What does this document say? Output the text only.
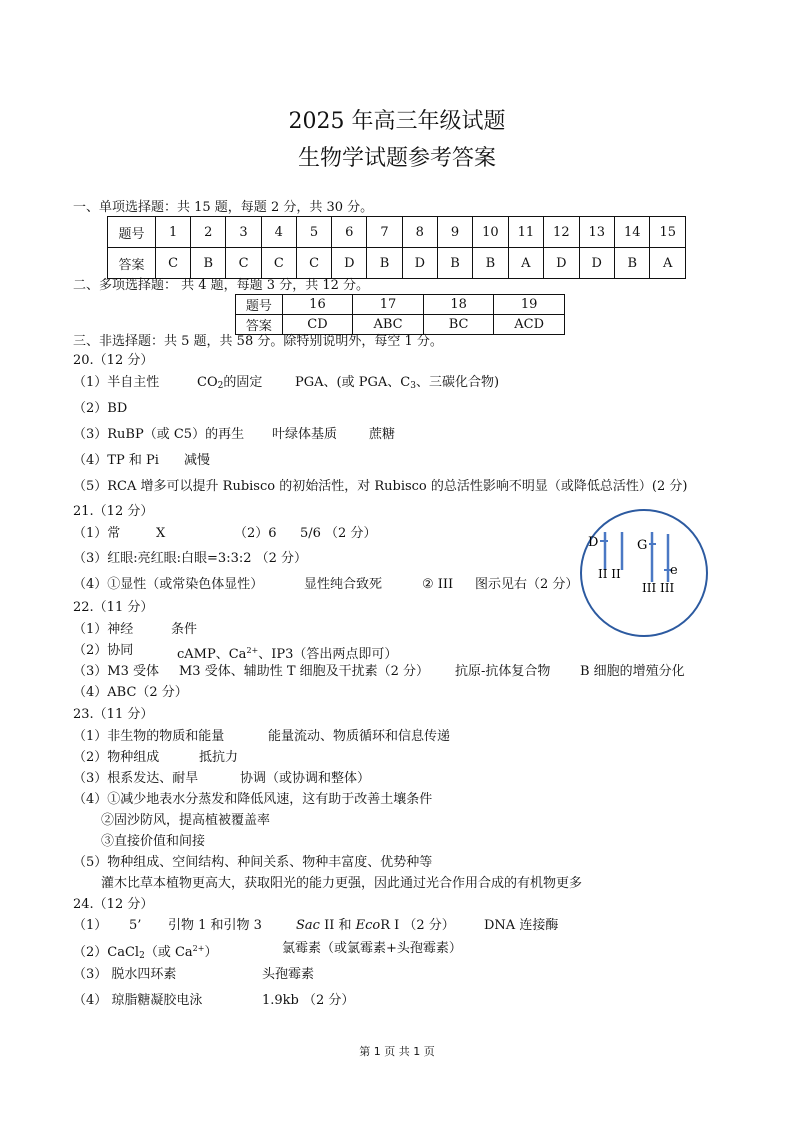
2025 年高三年级试题
生物学试题参考答案
一、单项选择题：共 15 题，每题 2 分，共 30 分。
题号	1	2	3	4	5	6	7	8	9	10	11	12	13	14	15
答案	C	B	C	C	C	D	B	D	B	B	A	D	D	B	A
二、多项选择题： 共 4 题，每题 3 分，共 12 分。
题号	16	17	18	19
答案	CD	ABC	BC	ACD
三、非选择题：共 5 题，共 58 分。除特别说明外，每空 1 分。
20.（12 分）
（1）半自主性	$CO_2$的固定	PGA、(或 PGA、$C_3$、三碳化合物)
（2）BD
（3）RuBP（或 C5）的再生 叶绿体基质 蔗糖
（4）TP 和 Pi 减慢
（5）RCA 增多可以提升 Rubisco 的初始活性，对 Rubisco 的总活性影响不明显（或降低总活性）(2 分)
21.（12 分）
（1）常	X	（2）6 5/6 （2 分）
（3）红眼:亮红眼:白眼=3:3:2 （2 分）
（4）①显性（或常染色体显性）	显性纯合致死	② III 图示见右（2 分）
D	G
e
II II
III III
22.（11 分）
（1）神经	条件
（2）协同	cAMP、$Ca^{2+}$、IP3（答出两点即可）
（3）M3 受体 M3 受体、辅助性 T 细胞及干扰素（2 分） 抗原-抗体复合物 B 细胞的增殖分化
（4）ABC（2 分）
23.（11 分）
（1）非生物的物质和能量	能量流动、物质循环和信息传递
（2）物种组成	抵抗力
（3）根系发达、耐旱	协调（或协调和整体）
（4）①减少地表水分蒸发和降低风速，这有助于改善土壤条件
②固沙防风，提高植被覆盖率
③直接价值和间接
（5）物种组成、空间结构、种间关系、物种丰富度、优势种等
灌木比草本植物更高大，获取阳光的能力更强，因此通过光合作用合成的有机物更多
24.（12 分）
（1） 5’ 引物 1 和引物 3	Sac II 和 EcoR I （2 分） DNA 连接酶
（2）CaCl$_2$（或 $Ca^{2+}$）	氯霉素（或氯霉素+头孢霉素）
（3） 脱水四环素	头孢霉素
（4） 琼脂糖凝胶电泳	1.9kb （2 分）
第 1 页 共 1 页
